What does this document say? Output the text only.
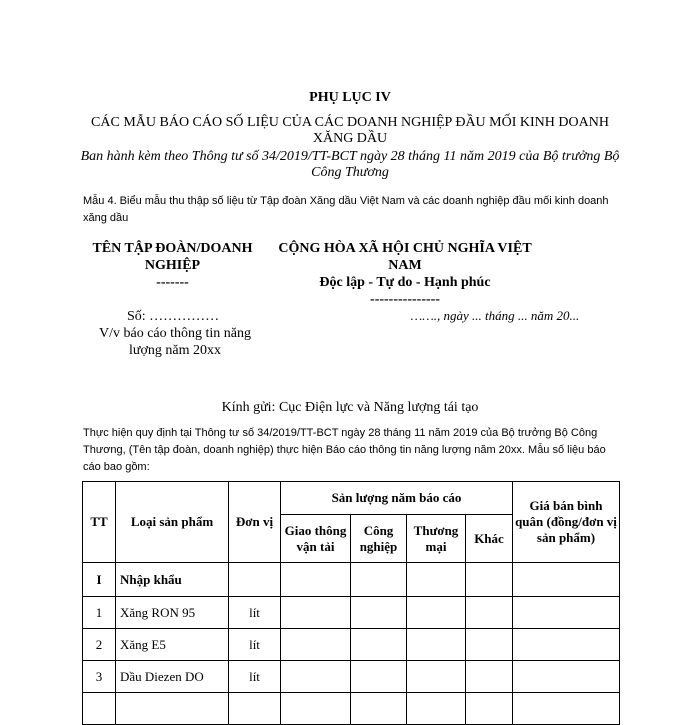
PHỤ LỤC IV
CÁC MẪU BÁO CÁO SỐ LIỆU CỦA CÁC DOANH NGHIỆP ĐẦU MỐI KINH DOANH XĂNG DẦU
Ban hành kèm theo Thông tư số 34/2019/TT-BCT ngày 28 tháng 11 năm 2019 của Bộ trưởng Bộ Công Thương
Mẫu 4. Biểu mẫu thu thập số liệu từ Tập đoàn Xăng dầu Việt Nam và các doanh nghiệp đầu mối kinh doanh xăng dầu
TÊN TẬP ĐOÀN/DOANH NGHIỆP
-------
CỘNG HÒA XÃ HỘI CHỦ NGHĨA VIỆT NAM
Độc lập - Tự do - Hạnh phúc
---------------
Số: ……………
V/v báo cáo thông tin năng lượng năm 20xx
……., ngày ... tháng ... năm 20...
Kính gửi: Cục Điện lực và Năng lượng tái tạo
Thực hiện quy định tại Thông tư số 34/2019/TT-BCT ngày 28 tháng 11 năm 2019 của Bộ trưởng Bộ Công Thương, (Tên tập đoàn, doanh nghiệp) thực hiện Báo cáo thông tin năng lượng năm 20xx. Mẫu số liệu báo cáo bao gồm:
TT	Loại sản phẩm	Đơn vị	Sản lượng năm báo cáo				Giá bán bình quân (đồng/đơn vị sản phẩm)
			Giao thông vận tải	Công nghiệp	Thương mại	Khác	
I	Nhập khẩu						
1	Xăng RON 95	lít					
2	Xăng E5	lít					
3	Dầu Diezen DO	lít					
